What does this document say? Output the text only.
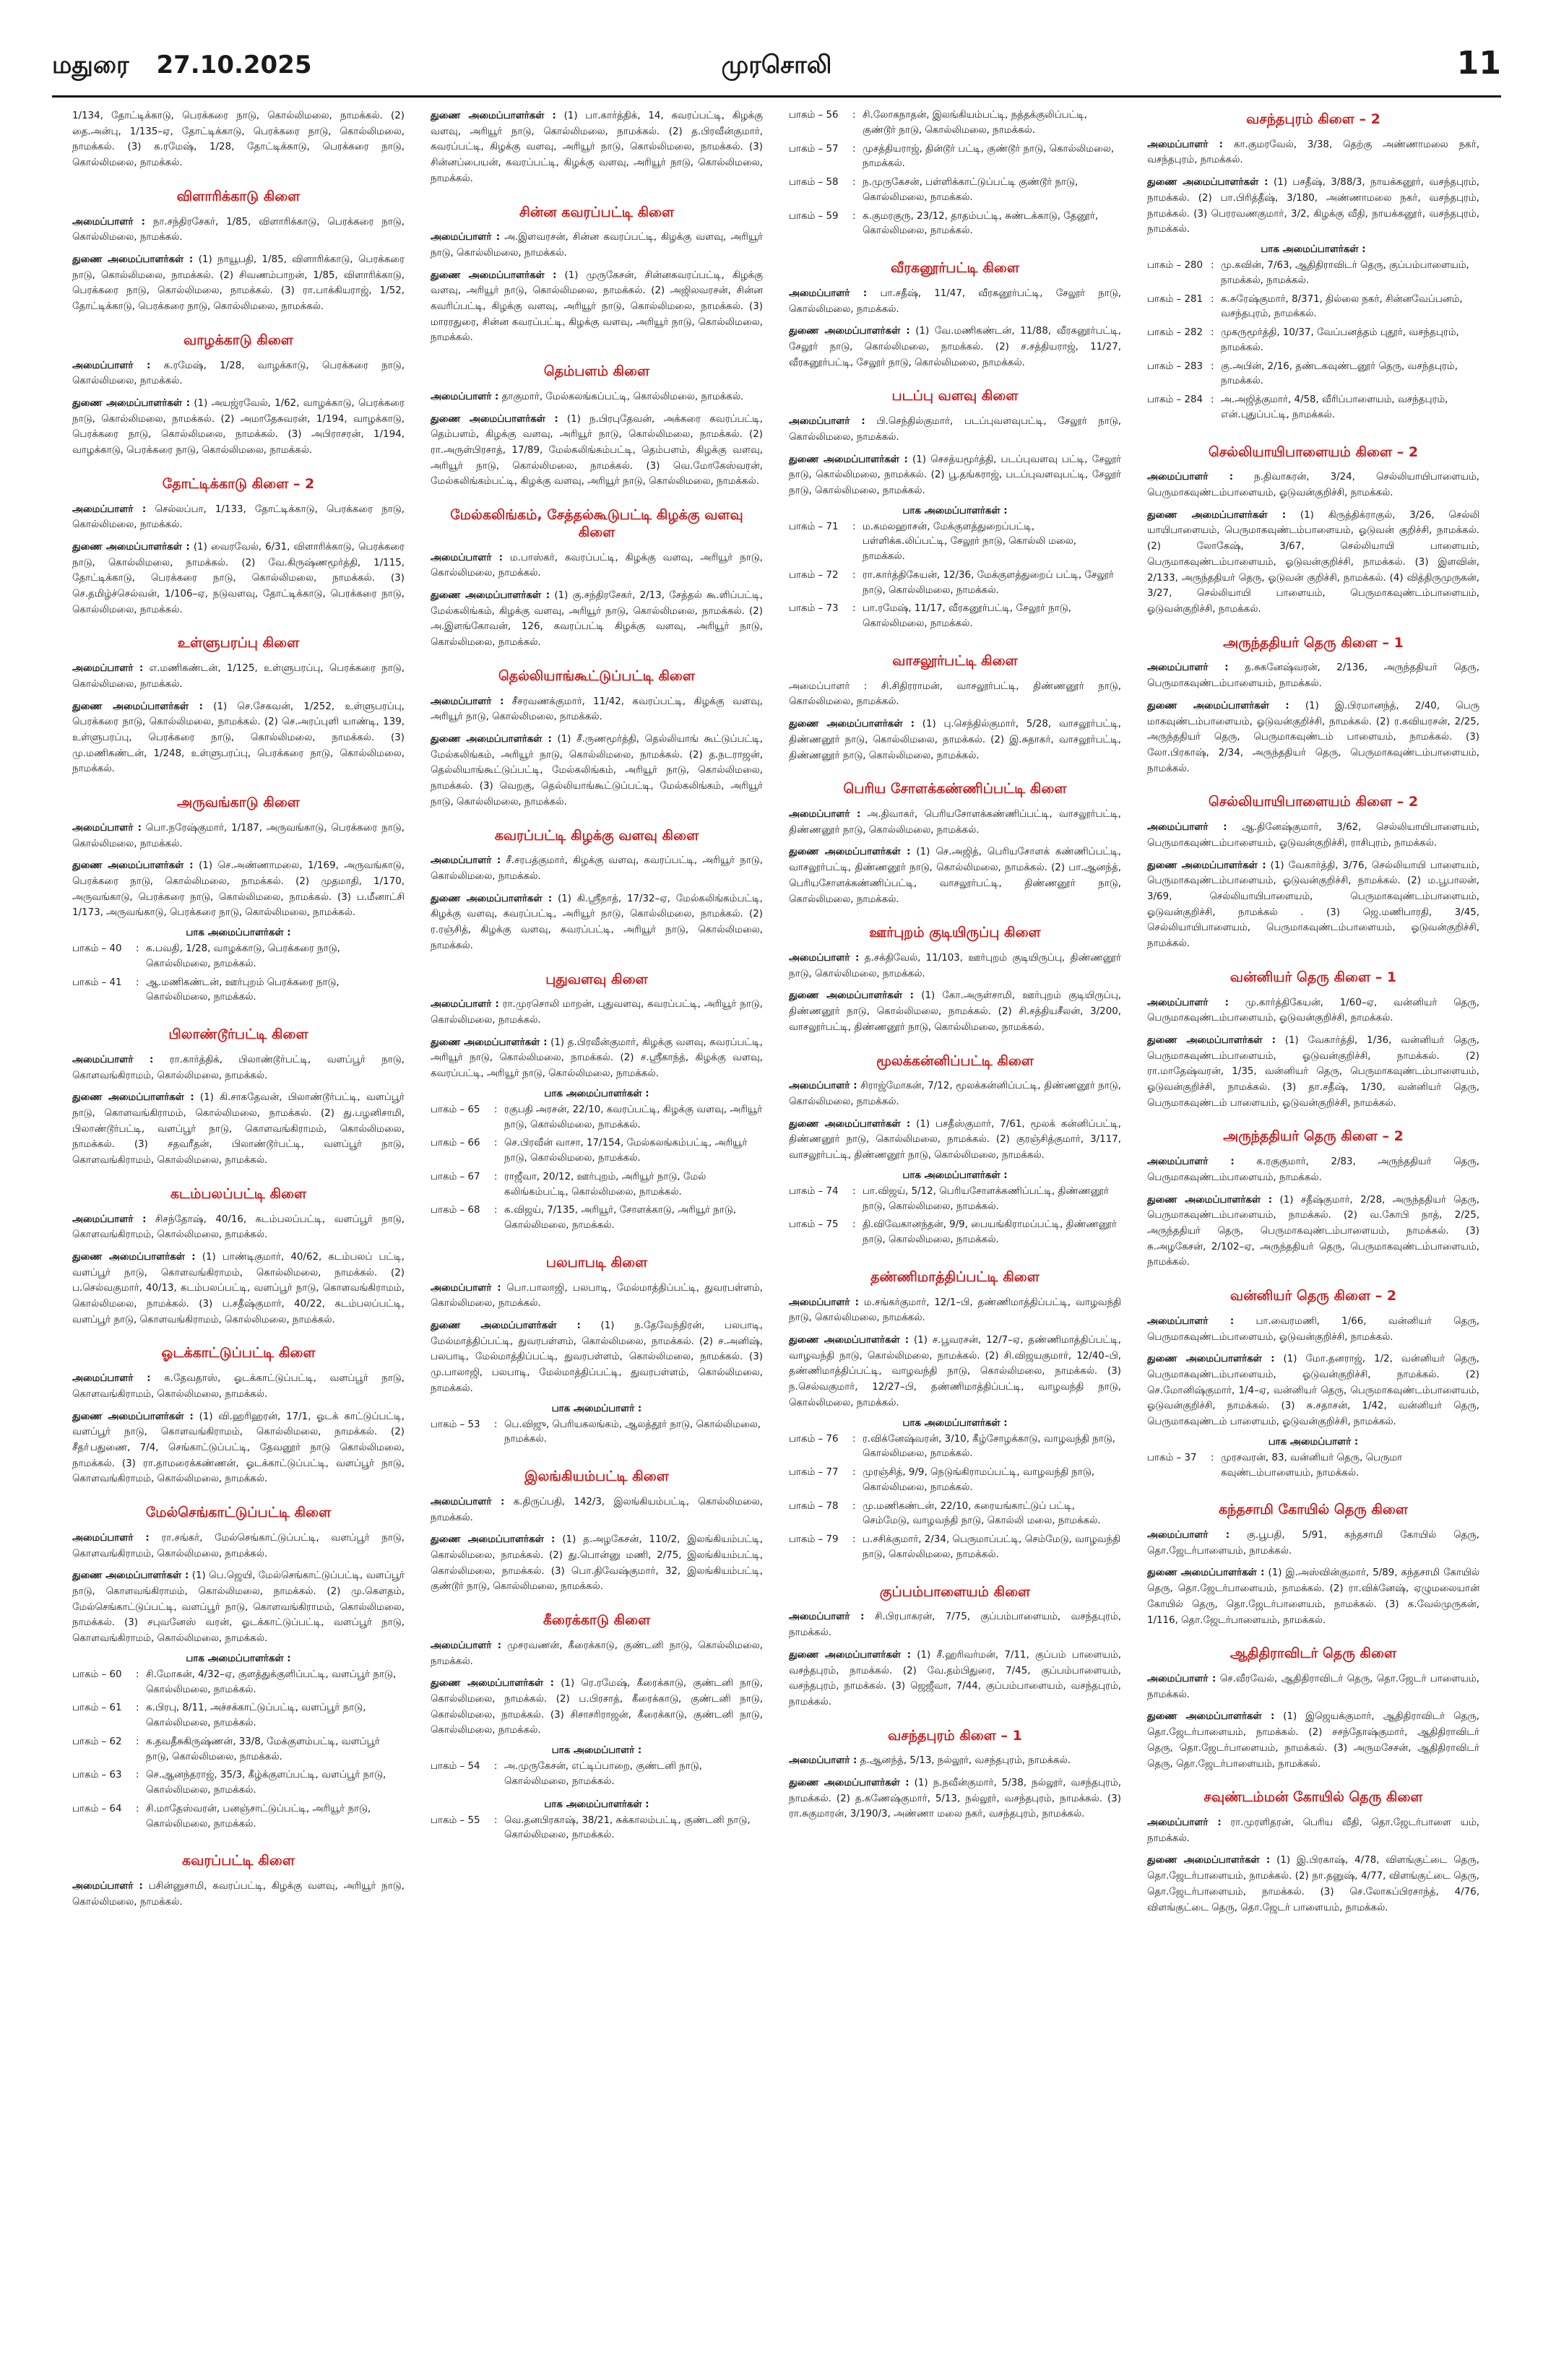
மதுரை 27.10.2025	முரசொலி	11

1/134, தோட்டிக்காடு, பெரக்கரை நாடு, கொல்லிமலை, நாமக்கல். (2) தை.அன்பு, 1/135–ஏ, தோட்டிக்காடு, பெரக்கரை நாடு, கொல்லிமலை, நாமக்கல். (3) க.ரமேஷ், 1/28, தோட்டிக்காடு, பெரக்கரை நாடு, கொல்லிமலை, நாமக்கல்.

விளாரிக்காடு கிளை

அமைப்பாளர் : நா.சந்திரசேகர், 1/85, விளாரிக்காடு, பெரக்கரை நாடு, கொல்லிமலை, நாமக்கல்.

துணை அமைப்பாளர்கள் : (1) நாயூபதி, 1/85, விளாரிக்காடு, பெரக்கரை நாடு, கொல்லிமலை, நாமக்கல். (2) சிவணம்பாறன், 1/85, விளாரிக்காடு, பெரக்கரை நாடு, கொல்லிமலை, நாமக்கல். (3) ரா.பாக்கியராஜ், 1/52, தோட்டிக்காடு, பெரக்கரை நாடு, கொல்லிமலை, நாமக்கல்.

வாழக்காடு கிளை

அமைப்பாளர் : க.ரமேஷ், 1/28, வாழக்காடு, பெரக்கரை நாடு, கொல்லிமலை, நாமக்கல்.

துணை அமைப்பாளர்கள் : (1) அயஜ்ரவேல், 1/62, வாழக்காடு, பெரக்கரை நாடு, கொல்லிமலை, நாமக்கல். (2) அமாதேசுவரன், 1/194, வாழக்காடு, பெரக்கரை நாடு, கொல்லிமலை, நாமக்கல். (3) அபிராசரன், 1/194, வாழக்காடு, பெரக்கரை நாடு, கொல்லிமலை, நாமக்கல்.

தோட்டிக்காடு கிளை – 2

அமைப்பாளர் : செல்லப்பா, 1/133, தோட்டிக்காடு, பெரக்கரை நாடு, கொல்லிமலை, நாமக்கல்.

துணை அமைப்பாளர்கள் : (1) வைரவேல், 6/31, விளாரிக்காடு, பெரக்கரை நாடு, கொல்லிமலை, நாமக்கல். (2) வே.கிருஷ்ணமூர்த்தி, 1/115, தோட்டிக்காடு, பெரக்கரை நாடு, கொல்லிமலை, நாமக்கல். (3) செ.தமிழ்ச்செல்வன், 1/106–ஏ, நடுவளவு, தோட்டிக்காடு, பெரக்கரை நாடு, கொல்லிமலை, நாமக்கல்.

உள்ளுபரப்பு கிளை

அமைப்பாளர் : எ.மணிகண்டன், 1/125, உள்ளுபரப்பு, பெரக்கரை நாடு, கொல்லிமலை, நாமக்கல்.

துணை அமைப்பாளர்கள் : (1) செ.சேகவன், 1/252, உள்ளுபரப்பு, பெரக்கரை நாடு, கொல்லிமலை, நாமக்கல். (2) செ.அரப்புளி யாண்டி, 139, உள்ளுபரப்பு, பெரக்கரை நாடு, கொல்லிமலை, நாமக்கல். (3) மு.மணிகண்டன், 1/248, உள்ளுபரப்பு, பெரக்கரை நாடு, கொல்லிமலை, நாமக்கல்.

அருவங்காடு கிளை

அமைப்பாளர் : பொ.நரேஷ்குமார், 1/187, அருவங்காடு, பெரக்கரை நாடு, கொல்லிமலை, நாமக்கல்.

துணை அமைப்பாளர்கள் : (1) செ.அண்ணாமலை, 1/169, அருவங்காடு, பெரக்கரை நாடு, கொல்லிமலை, நாமக்கல். (2) முதமாதி, 1/170, அருவங்காடு, பெரக்கரை நாடு, கொல்லிமலை, நாமக்கல். (3) ப.மீனாட்சி 1/173, அருவங்காடு, பெரக்கரை நாடு, கொல்லிமலை, நாமக்கல்.

பாக அமைப்பாளர்கள் :
பாகம் – 40	:	க.பவதி, 1/28, வாழக்காடு, பெரக்கரை நாடு, கொல்லிமலை, நாமக்கல்.
பாகம் – 41	:	ஆ.மணிகண்டன், ஊர்புறம் பெரக்கரை நாடு, கொல்லிமலை, நாமக்கல்.
பிலாண்டூர்பட்டி கிளை

அமைப்பாளர் : ரா.கார்த்திக், பிலாண்டூர்பட்டி, வளப்பூர் நாடு, கொளவங்கிராமம், கொல்லிமலை, நாமக்கல்.

துணை அமைப்பாளர்கள் : (1) கி.சாகதேவன், பிலாண்டூர்பட்டி, வளப்பூர் நாடு, கொளவங்கிராமம், கொல்லிமலை, நாமக்கல். (2) து.பழனிசாமி, பிலாண்டூர்பட்டி, வளப்பூர் நாடு, கொளவங்கிராமம், கொல்லிமலை, நாமக்கல். (3) சதவரீதன், பிலாண்டூர்பட்டி, வளப்பூர் நாடு, கொளவங்கிராமம், கொல்லிமலை, நாமக்கல்.

கடம்பலப்பட்டி கிளை

அமைப்பாளர் : சிசந்தோஷ், 40/16, கடம்பலப்பட்டி, வளப்பூர் நாடு, கொளவங்கிராமம், கொல்லிமலை, நாமக்கல்.

துணை அமைப்பாளர்கள் : (1) பாண்டிகுமார், 40/62, கடம்பலப் பட்டி, வளப்பூர் நாடு, கொளவங்கிராமம், கொல்லிமலை, நாமக்கல். (2) ப.செல்வகுமார், 40/13, கடம்பலப்பட்டி, வளப்பூர் நாடு, கொளவங்கிராமம், கொல்லிமலை, நாமக்கல். (3) ப.சதீஷ்குமார், 40/22, கடம்பலப்பட்டி, வளப்பூர் நாடு, கொளவங்கிராமம், கொல்லிமலை, நாமக்கல்.

ஓடக்காட்டுப்பட்டி கிளை

அமைப்பாளர் : க.தேவதாஸ், ஓடக்காட்டுப்பட்டி, வளப்பூர் நாடு, கொளவங்கிராமம், கொல்லிமலை, நாமக்கல்.

துணை அமைப்பாளர்கள் : (1) வி.ஹரிஹரன், 17/1, ஓடக் காட்டுப்பட்டி, வளப்பூர் நாடு, கொளவங்கிராமம், கொல்லிமலை, நாமக்கல். (2) சீதா்பதுணை, 7/4, செங்காட்டுப்பட்டி, தேவனூர் நாடு கொல்லிமலை, நாமக்கல். (3) ரா.தாமரைக்கண்ணன், ஓடக்காட்டுப்பட்டி, வளப்பூர் நாடு, கொளவங்கிராமம், கொல்லிமலை, நாமக்கல்.

மேல்செங்காட்டுப்பட்டி கிளை

அமைப்பாளர் : ரா.சங்கர், மேல்செங்காட்டுப்பட்டி, வளப்பூர் நாடு, கொளவங்கிராமம், கொல்லிமலை, நாமக்கல்.

துணை அமைப்பாளர்கள் : (1) பெ.ஜெயி, மேல்செங்காட்டுப்பட்டி, வளப்பூர் நாடு, கொளவங்கிராமம், கொல்லிமலை, நாமக்கல். (2) மு.கௌதம், மேல்செங்காட்டுப்பட்டி, வளப்பூர் நாடு, கொளவங்கிராமம், கொல்லிமலை, நாமக்கல். (3) சபுவனேஸ் வரன், ஓடக்காட்டுப்பட்டி, வளப்பூர் நாடு, கொளவங்கிராமம், கொல்லிமலை, நாமக்கல்.

பாக அமைப்பாளர்கள் :
பாகம் – 60	:	சி.மோகன், 4/32–ஏ, குளத்துக்குளிப்பட்டி, வளப்பூர் நாடு, கொல்லிமலை, நாமக்கல்.
பாகம் – 61	:	க.பிரபு, 8/11, அச்சக்காட்டுப்பட்டி, வளப்பூர் நாடு, கொல்லிமலை, நாமக்கல்.
பாகம் – 62	:	க.தவதீசுகிருஷ்ணன், 33/8, மேக்குளம்பட்டி, வளப்பூர் நாடு, கொல்லிமலை, நாமக்கல்.
பாகம் – 63	:	செ.ஆனந்தராஜ், 35/3, கீழ்க்குளப்பட்டி, வளப்பூர் நாடு, கொல்லிமலை, நாமக்கல்.
பாகம் – 64	:	சி.மாதேஸ்வரன், பனஞ்சாட்டுப்பட்டி, அரியூர் நாடு, கொல்லிமலை, நாமக்கல்.
கவரப்பட்டி கிளை

அமைப்பாளர் : பசின்னுசாமி, கவரப்பட்டி, கிழக்கு வளவு, அரியூர் நாடு, கொல்லிமலை, நாமக்கல்.

துணை அமைப்பாளர்கள் : (1) பா.கார்த்திக், 14, கவரப்பட்டி, கிழக்கு வளவு, அரியூர் நாடு, கொல்லிமலை, நாமக்கல். (2) த.பிரவீன்குமார், கவரப்பட்டி, கிழக்கு வளவு, அரியூர் நாடு, கொல்லிமலை, நாமக்கல். (3) சின்னப்பையன், கவரப்பட்டி, கிழக்கு வளவு, அரியூர் நாடு, கொல்லிமலை, நாமக்கல்.

சின்ன கவரப்பட்டி கிளை

அமைப்பாளர் : அ.இளவரசன், சின்ன கவரப்பட்டி, கிழக்கு வளவு, அரியூர் நாடு, கொல்லிமலை, நாமக்கல்.

துணை அமைப்பாளர்கள் : (1) முருகேசன், சின்னகவரப்பட்டி, கிழக்கு வளவு, அரியூர் நாடு, கொல்லிமலை, நாமக்கல். (2) அஜிலவரசன், சின்ன கவரிப்பட்டி, கிழக்கு வளவு, அரியூர் நாடு, கொல்லிமலை, நாமக்கல். (3) மாரரதுரை, சின்ன கவரப்பட்டி, கிழக்கு வளவு, அரியூர் நாடு, கொல்லிமலை, நாமக்கல்.

தெம்பளம் கிளை

அமைப்பாளர் : தாகுமார், மேல்கலங்கப்பட்டி, கொல்லிமலை, நாமக்கல்.

துணை அமைப்பாளர்கள் : (1) ந.பிரபுதேவன், அக்கரை கவரப்பட்டி, தெம்பளம், கிழக்கு வளவு, அரியூர் நாடு, கொல்லிமலை, நாமக்கல். (2) ரா.அருள்பிரசாத், 17/89, மேல்கலிங்கம்பட்டி, தெம்பளம், கிழக்கு வளவு, அரியூர் நாடு, கொல்லிமலை, நாமக்கல். (3) வெ.மோகேஸ்வரன், மேல்கலிங்கம்பட்டி, கிழக்கு வளவு, அரியூர் நாடு, கொல்லிமலை, நாமக்கல்.

மேல்கலிங்கம், சேத்தல்கூடுபட்டி கிழக்கு வளவு கிளை

அமைப்பாளர் : ம.பாஸ்கர், கவரப்பட்டி, கிழக்கு வளவு, அரியூர் நாடு, கொல்லிமலை, நாமக்கல்.

துணை அமைப்பாளர்கள் : (1) கு.சந்திரசேகர், 2/13, சேத்தல் கூ.ளிப்பட்டி, மேல்கலிங்கம், கிழக்கு வளவு, அரியூர் நாடு, கொல்லிமலை, நாமக்கல். (2) அ.இளங்கோவன், 126, கவரப்பட்டி கிழக்கு வளவு, அரியூர் நாடு, கொல்லிமலை, நாமக்கல்.

தெல்லியாங்கூட்டுப்பட்டி கிளை

அமைப்பாளர் : சீசரவணக்குமார், 11/42, கவரப்பட்டி, கிழக்கு வளவு, அரியூர் நாடு, கொல்லிமலை, நாமக்கல்.

துணை அமைப்பாளர்கள் : (1) சீ.ருணமூர்த்தி, தெல்லியாங் கூட்டுப்பட்டி, மேல்கலிங்கம், அரியூர் நாடு, கொல்லிமலை, நாமக்கல். (2) த.நடராஜன், தெல்லியாங்கூட்டுப்பட்டி, மேல்கலிங்கம், அரியூர் நாடு, கொல்லிமலை, நாமக்கல். (3) வெறகு, தெல்லியாங்கூட்டுப்பட்டி, மேல்கலிங்கம், அரியூர் நாடு, கொல்லிமலை, நாமக்கல்.

கவரப்பட்டி கிழக்கு வளவு கிளை

அமைப்பாளர் : சீ.சரபத்குமார், கிழக்கு வளவு, கவரப்பட்டி, அரியூர் நாடு, கொல்லிமலை, நாமக்கல்.

துணை அமைப்பாளர்கள் : (1) கி.ஸ்ரீநாத், 17/32–ஏ, மேல்கலிங்கம்பட்டி, கிழக்கு வளவு, கவரப்பட்டி, அரியூர் நாடு, கொல்லிமலை, நாமக்கல். (2) ர.ரஞ்சித், கிழக்கு வளவு, கவரப்பட்டி, அரியூர் நாடு, கொல்லிமலை, நாமக்கல்.

புதுவளவு கிளை

அமைப்பாளர் : ரா.முரசொலி மாறன், புதுவளவு, கவரப்பட்டி, அரியூர் நாடு, கொல்லிமலை, நாமக்கல்.

துணை அமைப்பாளர்கள் : (1) த.பிரவீன்குமார், கிழக்கு வளவு, கவரப்பட்டி, அரியூர் நாடு, கொல்லிமலை, நாமக்கல். (2) ச.ஸ்ரீகாந்த், கிழக்கு வளவு, கவரப்பட்டி, அரியூர் நாடு, கொல்லிமலை, நாமக்கல்.

பாக அமைப்பாளர்கள் :
பாகம் – 65	:	ரகுபதி அரசன், 22/10, கவரப்பட்டி, கிழக்கு வளவு, அரியூர் நாடு, கொல்லிமலை, நாமக்கல்.
பாகம் – 66	:	செ.பிரவீன் வாசா, 17/154, மேல்கலங்கம்பட்டி, அரியூர் நாடு, கொல்லிமலை, நாமக்கல்.
பாகம் – 67	:	ராஜீவா, 20/12, ஊர்புறம், அரியூர் நாடு, மேல் கலிங்கம்பட்டி, கொல்லிமலை, நாமக்கல்.
பாகம் – 68	:	க.விஜய், 7/135, அரியூர், சோளக்காடு, அரியூர் நாடு, கொல்லிமலை, நாமக்கல்.
பலபாபடி கிளை

அமைப்பாளர் : பொ.பாலாஜி, பலபாடி, மேல்மாத்திப்பட்டி, துவரபள்ளம், கொல்லிமலை, நாமக்கல்.

துணை அமைப்பாளர்கள் : (1) ந.தேவேந்திரன், பலபாடி, மேல்மாத்திப்பட்டி, துவரபள்ளம், கொல்லிமலை, நாமக்கல். (2) ச.அனிஷ், பலபாடி, மேல்மாத்திப்பட்டி, துவரபள்ளம், கொல்லிமலை, நாமக்கல். (3) மு.பாலாஜி, பலபாடி, மேல்மாத்திப்பட்டி, துவரபள்ளம், கொல்லிமலை, நாமக்கல்.

பாக அமைப்பாளர் :
பாகம் – 53	:	பெ.விஜு, பெரியகலங்கம், ஆலத்தூர் நாடு, கொல்லிமலை, நாமக்கல்.
இலங்கியம்பட்டி கிளை

அமைப்பாளர் : க.திருப்பதி, 142/3, இலங்கியம்பட்டி, கொல்லிமலை, நாமக்கல்.

துணை அமைப்பாளர்கள் : (1) த.அழகேசன், 110/2, இலங்கியம்பட்டி, கொல்லிமலை, நாமக்கல். (2) து.பொன்னு மணி, 2/75, இலங்கியம்பட்டி, கொல்லிமலை, நாமக்கல். (3) பொ.திவேஷ்குமார், 32, இலங்கியம்பட்டி, குண்டூர் நாடு, கொல்லிமலை, நாமக்கல்.

கீரைக்காடு கிளை

அமைப்பாளர் : முசரவணன், கீரைக்காடு, குண்டனி நாடு, கொல்லிமலை, நாமக்கல்.

துணை அமைப்பாளர்கள் : (1) ரெ.ரமேஷ், கீரைக்காடு, குண்டனி நாடு, கொல்லிமலை, நாமக்கல். (2) ப.பிரசாத், கீரைக்காடு, குண்டனி நாடு, கொல்லிமலை, நாமக்கல். (3) சிசாசரிராஜன், கீரைக்காடு, குண்டனி நாடு, கொல்லிமலை, நாமக்கல்.

பாக அமைப்பாளர் :
பாகம் – 54	:	அ.முருகேசன், எட்டிப்பாறை, குண்டனி நாடு, கொல்லிமலை, நாமக்கல்.
பாக அமைப்பாளர்கள் :
பாகம் – 55	:	வெ.தனபிரகாஷ், 38/21, சுக்காலம்பட்டி, குண்டனி நாடு, கொல்லிமலை, நாமக்கல்.
பாகம் – 56	:	சி.லோகநாதன், இலங்கியம்பட்டி, நத்தக்குலிப்பட்டி, குண்டூர் நாடு, கொல்லிமலை, நாமக்கல்.
பாகம் – 57	:	முசத்தியராஜ், தின்டூர் பட்டி, குண்டூர் நாடு, கொல்லிமலை, நாமக்கல்.
பாகம் – 58	:	ந.முருகேசன், பள்ளிக்காட்டுப்பட்டி குண்டூர் நாடு, கொல்லிமலை, நாமக்கல்.
பாகம் – 59	:	க.குமரகுரு, 23/12, தாதம்பட்டி, சுண்டக்காடு, தேனூர், கொல்லிமலை, நாமக்கல்.
வீரகனூர்பட்டி கிளை

அமைப்பாளர் : பா.சதீஷ், 11/47, வீரகனூர்பட்டி, சேலூர் நாடு, கொல்லிமலை, நாமக்கல்.

துணை அமைப்பாளர்கள் : (1) வே.மணிகண்டன், 11/88, வீரகனூர்பட்டி, சேலூர் நாடு, கொல்லிமலை, நாமக்கல். (2) ச.சத்தியராஜ், 11/27, வீரகனூர்பட்டி, சேலூர் நாடு, கொல்லிமலை, நாமக்கல்.

படப்பு வளவு கிளை

அமைப்பாளர் : பி.செந்தில்குமார், படப்புவளவுபட்டி, சேலூர் நாடு, கொல்லிமலை, நாமக்கல்.

துணை அமைப்பாளர்கள் : (1) செசத்யமூர்த்தி, படப்புவளவு பட்டி, சேலூர் நாடு, கொல்லிமலை, நாமக்கல். (2) பூ.தங்கராஜ், படப்புவளவுபட்டி, சேலூர் நாடு, கொல்லிமலை, நாமக்கல்.

பாக அமைப்பாளர்கள் :
பாகம் – 71	:	ம.கமலஹாசன், மேக்குளத்துறைப்பட்டி, பள்ளிக்க.லிப்பட்டி, சேலூர் நாடு, கொல்லி மலை, நாமக்கல்.
பாகம் – 72	:	ரா.கார்த்திகேயன், 12/36, மேக்குளத்துறைப் பட்டி, சேலூர் நாடு, கொல்லிமலை, நாமக்கல்.
பாகம் – 73	:	பா.ரமேஷ், 11/17, வீரகனூர்பட்டி, சேலூர் நாடு, கொல்லிமலை, நாமக்கல்.
வாசலூர்பட்டி கிளை

அமைப்பாளர் : சி.சிதிரராமன், வாசலூர்பட்டி, திண்ணனூர் நாடு, கொல்லிமலை, நாமக்கல்.

துணை அமைப்பாளர்கள் : (1) பு.செந்தில்குமார், 5/28, வாசலூர்பட்டி, திண்ணனூர் நாடு, கொல்லிமலை, நாமக்கல். (2) இ.சுதாகர், வாசலூர்பட்டி, திண்ணனூர் நாடு, கொல்லிமலை, நாமக்கல்.

பெரிய சோளக்கண்ணிப்பட்டி கிளை

அமைப்பாளர் : அ.திவாகர், பெரியசோளக்கண்ணிப்பட்டி, வாசலூர்பட்டி, திண்ணனூர் நாடு, கொல்லிமலை, நாமக்கல்.

துணை அமைப்பாளர்கள் : (1) செ.அஜித், பெரியசோளக் கண்ணிப்பட்டி, வாசலூர்பட்டி, திண்ணனூர் நாடு, கொல்லிமலை, நாமக்கல். (2) பா.ஆனந்த், பெரியசோளக்கண்ணிப்பட்டி, வாசலூர்பட்டி, திண்ணனூர் நாடு, கொல்லிமலை, நாமக்கல்.

ஊர்புறம் குடியிருப்பு கிளை

அமைப்பாளர் : த.சக்திவேல், 11/103, ஊர்புறம் குடியிருப்பு, திண்ணனூர் நாடு, கொல்லிமலை, நாமக்கல்.

துணை அமைப்பாளர்கள் : (1) கோ.அருள்சாமி, ஊர்புறம் குடியிருப்பு, திண்ணனூர் நாடு, கொல்லிமலை, நாமக்கல். (2) சி.சத்தியசீலன், 3/200, வாசலூர்பட்டி, திண்ணனூர் நாடு, கொல்லிமலை, நாமக்கல்.

மூலக்கன்னிப்பட்டி கிளை

அமைப்பாளர் : சிராஜ்மோகன், 7/12, மூலக்கன்னிப்பட்டி, திண்ணனூர் நாடு, கொல்லிமலை, நாமக்கல்.

துணை அமைப்பாளர்கள் : (1) பசதீஸ்குமார், 7/61, மூலக் கன்னிப்பட்டி, திண்ணனூர் நாடு, கொல்லிமலை, நாமக்கல். (2) குரஞ்சித்குமார், 3/117, வாசலூர்பட்டி, திண்ணனூர் நாடு, கொல்லிமலை, நாமக்கல்.

பாக அமைப்பாளர்கள் :
பாகம் – 74	:	பா.விஜய், 5/12, பெரியசோளக்கணிப்பட்டி, திண்ணனூர் நாடு, கொல்லிமலை, நாமக்கல்.
பாகம் – 75	:	தி.விவேகானந்தன், 9/9, பையங்கிராமப்பட்டி, திண்ணனூர் நாடு, கொல்லிமலை, நாமக்கல்.
தண்ணிமாத்திப்பட்டி கிளை

அமைப்பாளர் : ம.சங்கர்குமார், 12/1–பி, தண்ணிமாத்திப்பட்டி, வாழவந்தி நாடு, கொல்லிமலை, நாமக்கல்.

துணை அமைப்பாளர்கள் : (1) ச.பூவரசன், 12/7–ஏ, தண்ணிமாத்திப்பட்டி, வாழவந்தி நாடு, கொல்லிமலை, நாமக்கல். (2) சி.விஜயகுமார், 12/40–பி, தண்ணிமாத்திப்பட்டி, வாழவந்தி நாடு, கொல்லிமலை, நாமக்கல். (3) ந.செல்வகுமார், 12/27–பி, தண்ணிமாத்திப்பட்டி, வாழவந்தி நாடு, கொல்லிமலை, நாமக்கல்.

பாக அமைப்பாளர்கள் :
பாகம் – 76	:	ர.விக்னேஷ்வரன், 3/10, கீழ்சோழக்காடு, வாழவந்தி நாடு, கொல்லிமலை, நாமக்கல்.
பாகம் – 77	:	முரஞ்சித், 9/9, நெடுங்கிராமப்பட்டி, வாழவந்தி நாடு, கொல்லிமலை, நாமக்கல்.
பாகம் – 78	:	மு.மணிகண்டன், 22/10, கரையங்காட்டுப் பட்டி, செம்மேடு, வாழவந்தி நாடு, கொல்லி மலை, நாமக்கல்.
பாகம் – 79	:	ப.சசிக்குமார், 2/34, பெருமாப்பட்டி, செம்மேடு, வாழவந்தி நாடு, கொல்லிமலை, நாமக்கல்.
குப்பம்பாளையம் கிளை

அமைப்பாளர் : சி.பிரபாகரன், 7/75, குப்பம்பாளையம், வசந்தபுரம், நாமக்கல்.

துணை அமைப்பாளர்கள் : (1) சீ.ஹரிவர்மன், 7/11, குப்பம் பாளையம், வசந்தபுரம், நாமக்கல். (2) வே.தம்பிதுரை, 7/45, குப்பம்பாளையம், வசந்தபுரம், நாமக்கல். (3) ஜெஜீவா, 7/44, குப்பம்பாளையம், வசந்தபுரம், நாமக்கல்.

வசந்தபுரம் கிளை – 1

அமைப்பாளர் : த.ஆனந்த், 5/13, நல்லூர், வசந்தபுரம், நாமக்கல்.

துணை அமைப்பாளர்கள் : (1) ந.நவீன்குமார், 5/38, நல்லூர், வசந்தபுரம், நாமக்கல். (2) த.கணேஷ்குமார், 5/13, நல்லூர், வசந்தபுரம், நாமக்கல். (3) ரா.சுகுமாரன், 3/190/3, அண்ணா மலை நகர், வசந்தபுரம், நாமக்கல்.

வசந்தபுரம் கிளை – 2

அமைப்பாளர் : கா.குமரவேல், 3/38, தெற்கு அண்ணாமலை நகர், வசந்தபுரம், நாமக்கல்.

துணை அமைப்பாளர்கள் : (1) பசதீஷ், 3/88/3, நாயக்கனூர், வசந்தபுரம், நாமக்கல். (2) பா.பிரித்தீஷ், 3/180, அண்ணாமலை நகர், வசந்தபுரம், நாமக்கல். (3) பெரரவணகுமார், 3/2, கிழக்கு வீதி, நாயக்கனூர், வசந்தபுரம், நாமக்கல்.

பாக அமைப்பாளர்கள் :
பாகம் – 280	:	மு.கவின், 7/63, ஆதிதிராவிடர் தெரு, குப்பம்பாளையம், நாமக்கல், நாமக்கல்.
பாகம் – 281	:	க.சுரேஷ்குமார், 8/371, தில்லை நகர், சின்னவேப்பனம், வசந்தபுரம், நாமக்கல்.
பாகம் – 282	:	முகருமூர்த்தி, 10/37, வேப்பனத்தம் புதூர், வசந்தபுரம், நாமக்கல்.
பாகம் – 283	:	கு.அபின், 2/16, தண்டகவுண்டனூர் தெரு, வசந்தபுரம், நாமக்கல்.
பாகம் – 284	:	அ.அஜித்குமார், 4/58, வீரிப்பாளையம், வசந்தபுரம், என்.புதுப்பட்டி, நாமக்கல்.
செல்லியாயிபாளையம் கிளை – 2

அமைப்பாளர் : ந.திவாகரன், 3/24, செல்லியாயிபாளையம், பெருமாகவுண்டம்பாளையம், ஓடுவன்குறிச்சி, நாமக்கல்.

துணை அமைப்பாளர்கள் : (1) கிருத்திக்ராகுல், 3/26, செல்லி யாயிபாளையம், பெருமாகவுண்டம்பாளையம், ஓடுவன் குறிச்சி, நாமக்கல். (2) லோகேஷ், 3/67, செல்லியாயி பாளையம், பெருமாகவுண்டம்பாளையம், ஓடுவன்குறிச்சி, நாமக்கல். (3) இளவின், 2/133, அருந்ததியர் தெரு, ஓடுவன் குறிச்சி, நாமக்கல். (4) வித்திருமுருகன், 3/27, செல்லியாயி பாளையம், பெருமாகவுண்டம்பாளையம், ஓடுவன்குறிச்சி, நாமக்கல்.

அருந்ததியர் தெரு கிளை – 1

அமைப்பாளர் : த.சுகனேஷ்வரன், 2/136, அருந்ததியர் தெரு, பெருமாகவுண்டம்பாளையம், நாமக்கல்.

துணை அமைப்பாளர்கள் : (1) இ.பிரமானந்த், 2/40, பெரு மாகவுண்டம்பாளையம், ஓடுவன்குறிச்சி, நாமக்கல். (2) ர.கவியரசன், 2/25, அருந்ததியர் தெரு, பெருமாகவுண்டம் பாளையம், நாமக்கல். (3) லோ.பிரகாஷ், 2/34, அருந்ததியர் தெரு, பெருமாகவுண்டம்பாளையம், நாமக்கல்.

செல்லியாயிபாளையம் கிளை – 2

அமைப்பாளர் : ஆ.தினேஷ்குமார், 3/62, செல்லியாயிபாளையம், பெருமாகவுண்டம்பாளையம், ஓடுவன்குறிச்சி, ராசிபுரம், நாமக்கல்.

துணை அமைப்பாளர்கள் : (1) வேகார்த்தி, 3/76, செல்லியாயி பாளையம், பெருமாகவுண்டம்பாளையம், ஓடுவன்குறிச்சி, நாமக்கல். (2) ம.பூபாலன், 3/69, செல்லியாயிபாளையம், பெருமாகவுண்டம்பாளையம், ஓடுவன்குறிச்சி, நாமக்கல் . (3) ஜெ.மணிபாரதி, 3/45, செல்லியாயிபாளையம், பெருமாகவுண்டம்பாளையம், ஓடுவன்குறிச்சி, நாமக்கல்.

வன்னியர் தெரு கிளை – 1

அமைப்பாளர் : மு.கார்த்திகேயன், 1/60–ஏ, வன்னியர் தெரு, பெருமாகவுண்டம்பாளையம், ஓடுவன்குறிச்சி, நாமக்கல்.

துணை அமைப்பாளர்கள் : (1) வேகார்த்தி, 1/36, வன்னியர் தெரு, பெருமாகவுண்டம்பாளையம், ஓடுவன்குறிச்சி, நாமக்கல். (2) ரா.மாதேஷ்வரன், 1/35, வன்னியர் தெரு, பெருமாகவுண்டம்பாளையம், ஓடுவன்குறிச்சி, நாமக்கல். (3) தா.சதீஷ், 1/30, வன்னியர் தெரு, பெருமாகவுண்டம் பாளையம், ஓடுவன்குறிச்சி, நாமக்கல்.

அருந்ததியர் தெரு கிளை – 2

அமைப்பாளர் : க.ரகுகுமார், 2/83, அருந்ததியர் தெரு, பெருமாகவுண்டம்பாளையம், நாமக்கல்.

துணை அமைப்பாளர்கள் : (1) சதீஷ்குமார், 2/28, அருந்ததியர் தெரு, பெருமாகவுண்டம்பாளையம், நாமக்கல். (2) வ.கோபி நாத், 2/25, அருந்ததியர் தெரு, பெருமாகவுண்டம்பாளையம், நாமக்கல். (3) சு.அழகேசன், 2/102–ஏ, அருந்ததியர் தெரு, பெருமாகவுண்டம்பாளையம், நாமக்கல்.

வன்னியர் தெரு கிளை – 2

அமைப்பாளர் : பா.வைரமணி, 1/66, வன்னியர் தெரு, பெருமாகவுண்டம்பாளையம், ஓடுவன்குறிச்சி, நாமக்கல்.

துணை அமைப்பாளர்கள் : (1) மோ.தனராஜ், 1/2, வன்னியர் தெரு, பெருமாகவுண்டம்பாளையம், ஓடுவன்குறிச்சி, நாமக்கல். (2) செ.மோனிஷ்குமார், 1/4–ஏ, வன்னியர் தெரு, பெருமாகவுண்டம்பாளையம், ஓடுவன்குறிச்சி, நாமக்கல். (3) சு.சதாசன், 1/42, வன்னியர் தெரு, பெருமாகவுண்டம் பாளையம், ஓடுவன்குறிச்சி, நாமக்கல்.

பாக அமைப்பாளர் :
பாகம் – 37	:	முரசவரன், 83, வன்னியர் தெரு, பெருமா கவுண்டம்பாளையம், நாமக்கல்.
கந்தசாமி கோயில் தெரு கிளை

அமைப்பாளர் : கு.பூபதி, 5/91, கந்தசாமி கோயில் தெரு, தொ.ஜேடர்பாளையம், நாமக்கல்.

துணை அமைப்பாளர்கள் : (1) இ.அஸ்வின்குமார், 5/89, கந்தசாமி கோயில் தெரு, தொ.ஜேடர்பாளையம், நாமக்கல். (2) ரா.விக்னேஷ், ஏழுமலையான் கோயில் தெரு, தொ.ஜேடர்பாளையம், நாமக்கல். (3) க.வேல்முருகன், 1/116, தொ.ஜேடர்பாளையம், நாமக்கல்.

ஆதிதிராவிடர் தெரு கிளை

அமைப்பாளர் : செ.வீரவேல், ஆதிதிராவிடர் தெரு, தொ.ஜேடர் பாளையம், நாமக்கல்.

துணை அமைப்பாளர்கள் : (1) இஜெயக்குமார், ஆதிதிராவிடர் தெரு, தொ.ஜேடர்பாளையம், நாமக்கல். (2) சசந்தோஷ்குமார், ஆதிதிராவிடர் தெரு, தொ.ஜேடர்பாளையம், நாமக்கல். (3) அருமசேசன், ஆதிதிராவிடர் தெரு, தொ.ஜேடர்பாளையம், நாமக்கல்.

சவுண்டம்மன் கோயில் தெரு கிளை

அமைப்பாளர் : ரா.முரளிதரன், பெரிய வீதி, தொ.ஜேடர்பாளை யம், நாமக்கல்.

துணை அமைப்பாளர்கள் : (1) இ.பிரகாஷ், 4/78, விளங்குட்டை தெரு, தொ.ஜேடர்பாளையம், நாமக்கல். (2) நா.தனுஷ், 4/77, விளங்குட்டை தெரு, தொ.ஜேடர்பாளையம், நாமக்கல். (3) செ.லோகப்பிரசாந்த், 4/76, விளங்குட்டை தெரு, தொ.ஜேடர் பாளையம், நாமக்கல்.
